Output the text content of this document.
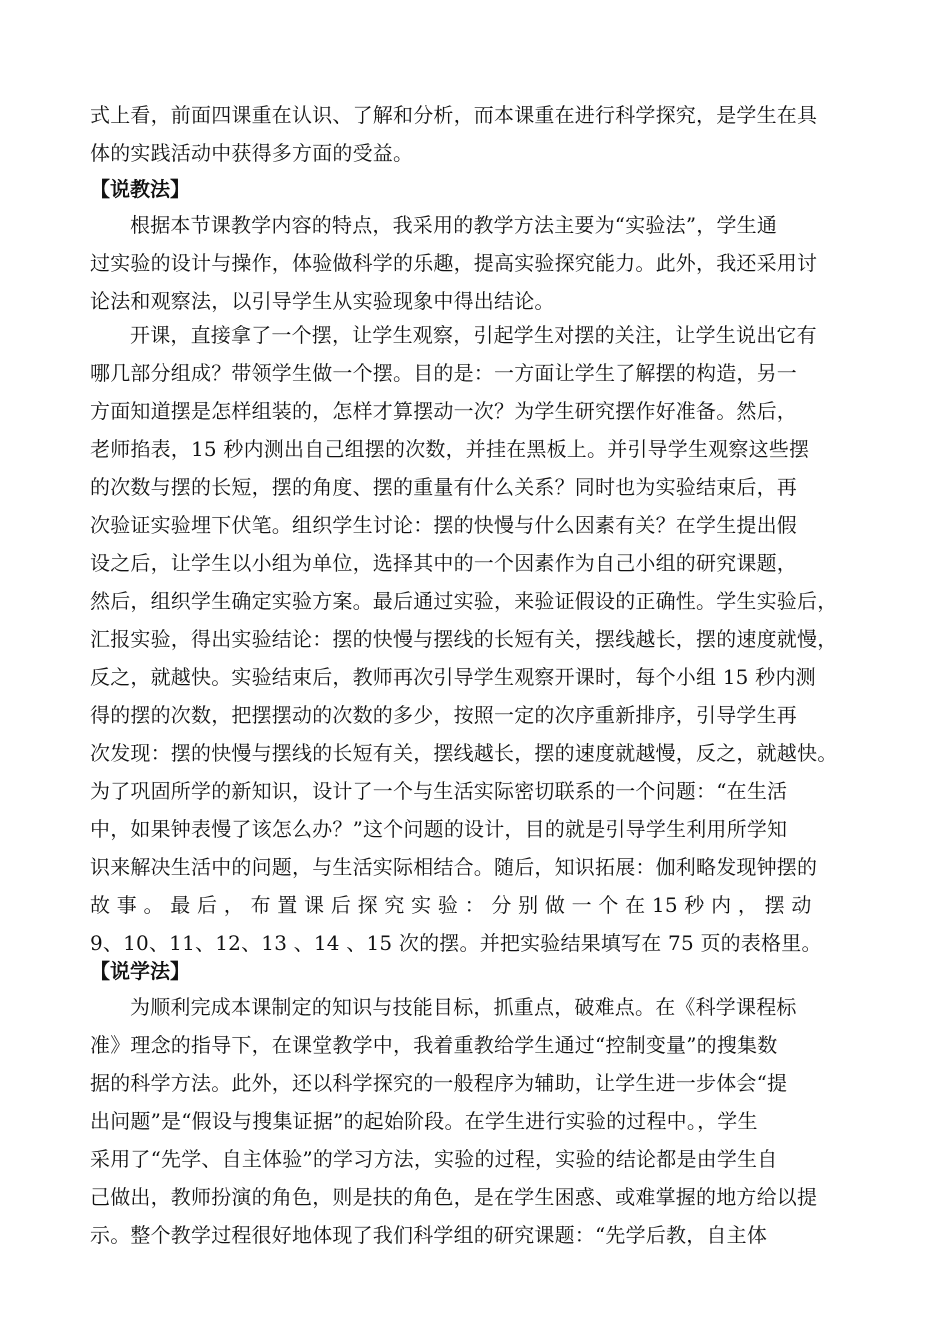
式上看，前面四课重在认识、了解和分析，而本课重在进行科学探究，是学生在具
体的实践活动中获得多方面的受益。
【说教法】
根据本节课教学内容的特点，我采用的教学方法主要为“实验法”，学生通
过实验的设计与操作，体验做科学的乐趣，提高实验探究能力。此外，我还采用讨
论法和观察法，以引导学生从实验现象中得出结论。
开课，直接拿了一个摆，让学生观察，引起学生对摆的关注，让学生说出它有
哪几部分组成？带领学生做一个摆。目的是：一方面让学生了解摆的构造，另一
方面知道摆是怎样组装的，怎样才算摆动一次？为学生研究摆作好准备。然后，
老师掐表，15 秒内测出自己组摆的次数，并挂在黑板上。并引导学生观察这些摆
的次数与摆的长短，摆的角度、摆的重量有什么关系？同时也为实验结束后，再
次验证实验埋下伏笔。组织学生讨论：摆的快慢与什么因素有关？在学生提出假
设之后，让学生以小组为单位，选择其中的一个因素作为自己小组的研究课题，
然后，组织学生确定实验方案。最后通过实验，来验证假设的正确性。学生实验后，
汇报实验，得出实验结论：摆的快慢与摆线的长短有关，摆线越长，摆的速度就慢，
反之，就越快。实验结束后，教师再次引导学生观察开课时，每个小组 15 秒内测
得的摆的次数，把摆摆动的次数的多少，按照一定的次序重新排序，引导学生再
次发现：摆的快慢与摆线的长短有关，摆线越长，摆的速度就越慢，反之，就越快。
为了巩固所学的新知识，设计了一个与生活实际密切联系的一个问题：“在生活
中，如果钟表慢了该怎么办？”这个问题的设计，目的就是引导学生利用所学知
识来解决生活中的问题，与生活实际相结合。随后，知识拓展：伽利略发现钟摆的
故 事 。 最 后 ， 布 置 课 后 探 究 实 验 ： 分 别 做 一 个 在 15 秒 内 ， 摆 动
9、10、11、12、13 、14 、15 次的摆。并把实验结果填写在 75 页的表格里。
【说学法】
为顺利完成本课制定的知识与技能目标，抓重点，破难点。在《科学课程标
准》理念的指导下，在课堂教学中，我着重教给学生通过“控制变量”的搜集数
据的科学方法。此外，还以科学探究的一般程序为辅助，让学生进一步体会“提
出问题”是“假设与搜集证据”的起始阶段。在学生进行实验的过程中。，学生
采用了“先学、自主体验”的学习方法，实验的过程，实验的结论都是由学生自
己做出，教师扮演的角色，则是扶的角色，是在学生困惑、或难掌握的地方给以提
示。整个教学过程很好地体现了我们科学组的研究课题：“先学后教，自主体
